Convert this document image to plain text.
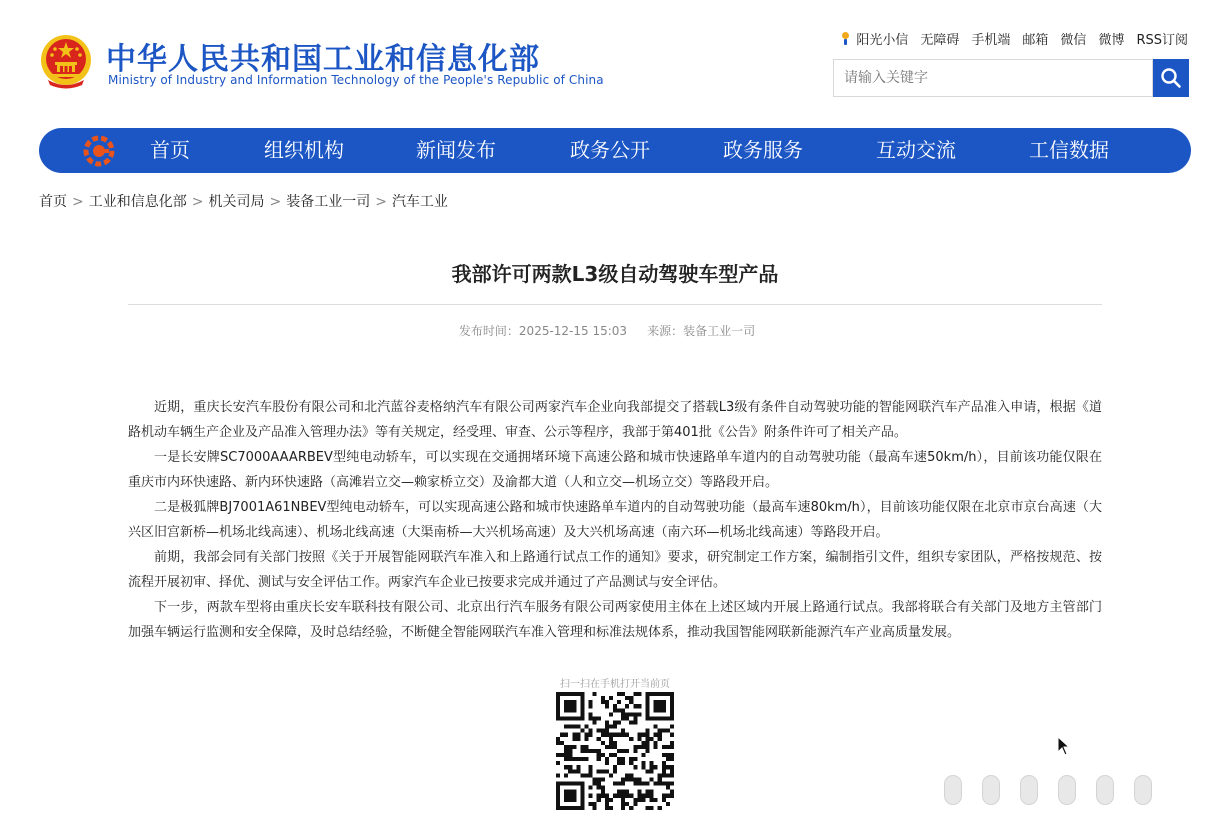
中华人民共和国工业和信息化部
Ministry of Industry and Information Technology of the People's Republic of China
阳光小信 无障碍 手机端 邮箱 微信 微博 RSS订阅
请输入关键字
首页	组织机构	新闻发布	政务公开	政务服务	互动交流	工信数据
首页 > 工业和信息化部 > 机关司局 > 装备工业一司 > 汽车工业
我部许可两款L3级自动驾驶车型产品
发布时间：2025-12-15 15:03 来源：装备工业一司

近期，重庆长安汽车股份有限公司和北汽蓝谷麦格纳汽车有限公司两家汽车企业向我部提交了搭载L3级有条件自动驾驶功能的智能网联汽车产品准入申请，根据《道路机动车辆生产企业及产品准入管理办法》等有关规定，经受理、审查、公示等程序，我部于第401批《公告》附条件许可了相关产品。

一是长安牌SC7000AAARBEV型纯电动轿车，可以实现在交通拥堵环境下高速公路和城市快速路单车道内的自动驾驶功能（最高车速50km/h），目前该功能仅限在重庆市内环快速路、新内环快速路（高滩岩立交—赖家桥立交）及渝都大道（人和立交—机场立交）等路段开启。

二是极狐牌BJ7001A61NBEV型纯电动轿车，可以实现高速公路和城市快速路单车道内的自动驾驶功能（最高车速80km/h），目前该功能仅限在北京市京台高速（大兴区旧宫新桥—机场北线高速）、机场北线高速（大渠南桥—大兴机场高速）及大兴机场高速（南六环—机场北线高速）等路段开启。

前期，我部会同有关部门按照《关于开展智能网联汽车准入和上路通行试点工作的通知》要求，研究制定工作方案，编制指引文件，组织专家团队，严格按规范、按流程开展初审、择优、测试与安全评估工作。两家汽车企业已按要求完成并通过了产品测试与安全评估。

下一步，两款车型将由重庆长安车联科技有限公司、北京出行汽车服务有限公司两家使用主体在上述区域内开展上路通行试点。我部将联合有关部门及地方主管部门加强车辆运行监测和安全保障，及时总结经验，不断健全智能网联汽车准入管理和标准法规体系，推动我国智能网联新能源汽车产业高质量发展。

扫一扫在手机打开当前页
